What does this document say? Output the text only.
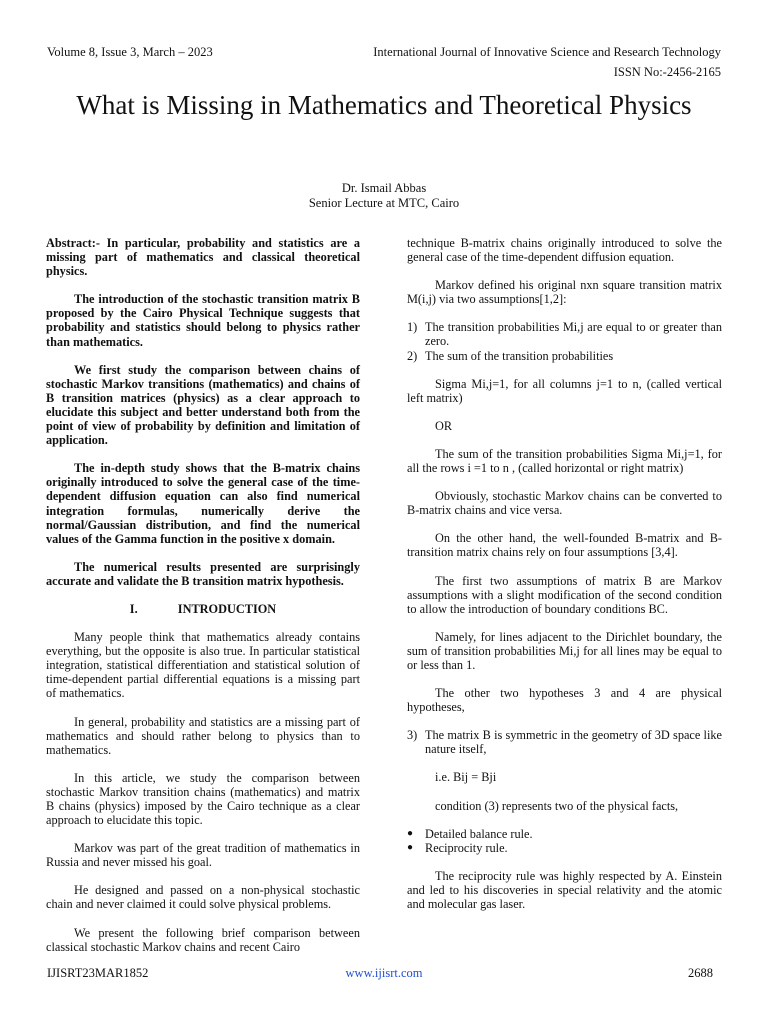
Volume 8, Issue 3, March – 2023	International Journal of Innovative Science and Research Technology
ISSN No:-2456-2165
What is Missing in Mathematics and Theoretical Physics
Dr. Ismail Abbas
Senior Lecture at MTC, Cairo

Abstract:- In particular, probability and statistics are a missing part of mathematics and classical theoretical physics.

The introduction of the stochastic transition matrix B proposed by the Cairo Physical Technique suggests that probability and statistics should belong to physics rather than mathematics.

We first study the comparison between chains of stochastic Markov transitions (mathematics) and chains of B transition matrices (physics) as a clear approach to elucidate this subject and better understand both from the point of view of probability by definition and limitation of application.

The in-depth study shows that the B-matrix chains originally introduced to solve the general case of the time-dependent diffusion equation can also find numerical integration formulas, numerically derive the normal/Gaussian distribution, and find the numerical values of the Gamma function in the positive x domain.

The numerical results presented are surprisingly accurate and validate the B transition matrix hypothesis.

I.	INTRODUCTION

Many people think that mathematics already contains everything, but the opposite is also true. In particular statistical integration, statistical differentiation and statistical solution of time-dependent partial differential equations is a missing part of mathematics.

In general, probability and statistics are a missing part of mathematics and should rather belong to physics than to mathematics.

In this article, we study the comparison between stochastic Markov transition chains (mathematics) and matrix B chains (physics) imposed by the Cairo technique as a clear approach to elucidate this topic.

Markov was part of the great tradition of mathematics in Russia and never missed his goal.

He designed and passed on a non-physical stochastic chain and never claimed it could solve physical problems.

We present the following brief comparison between classical stochastic Markov chains and recent Cairo

technique B-matrix chains originally introduced to solve the general case of the time-dependent diffusion equation.

Markov defined his original nxn square transition matrix M(i,j) via two assumptions[1,2]:

1) The transition probabilities Mi,j are equal to or greater than zero.
2) The sum of the transition probabilities

Sigma Mi,j=1, for all columns j=1 to n, (called vertical left matrix)

OR

The sum of the transition probabilities Sigma Mi,j=1, for all the rows i =1 to n , (called horizontal or right matrix)

Obviously, stochastic Markov chains can be converted to B-matrix chains and vice versa.

On the other hand, the well-founded B-matrix and B-transition matrix chains rely on four assumptions [3,4].

The first two assumptions of matrix B are Markov assumptions with a slight modification of the second condition to allow the introduction of boundary conditions BC.

Namely, for lines adjacent to the Dirichlet boundary, the sum of transition probabilities Mi,j for all lines may be equal to or less than 1.

The other two hypotheses 3 and 4 are physical hypotheses,

3) The matrix B is symmetric in the geometry of 3D space like nature itself,

i.e. Bij = Bji

condition (3) represents two of the physical facts,

● Detailed balance rule.
● Reciprocity rule.

The reciprocity rule was highly respected by A. Einstein and led to his discoveries in special relativity and the atomic and molecular gas laser.

IJISRT23MAR1852	www.ijisrt.com	2688
